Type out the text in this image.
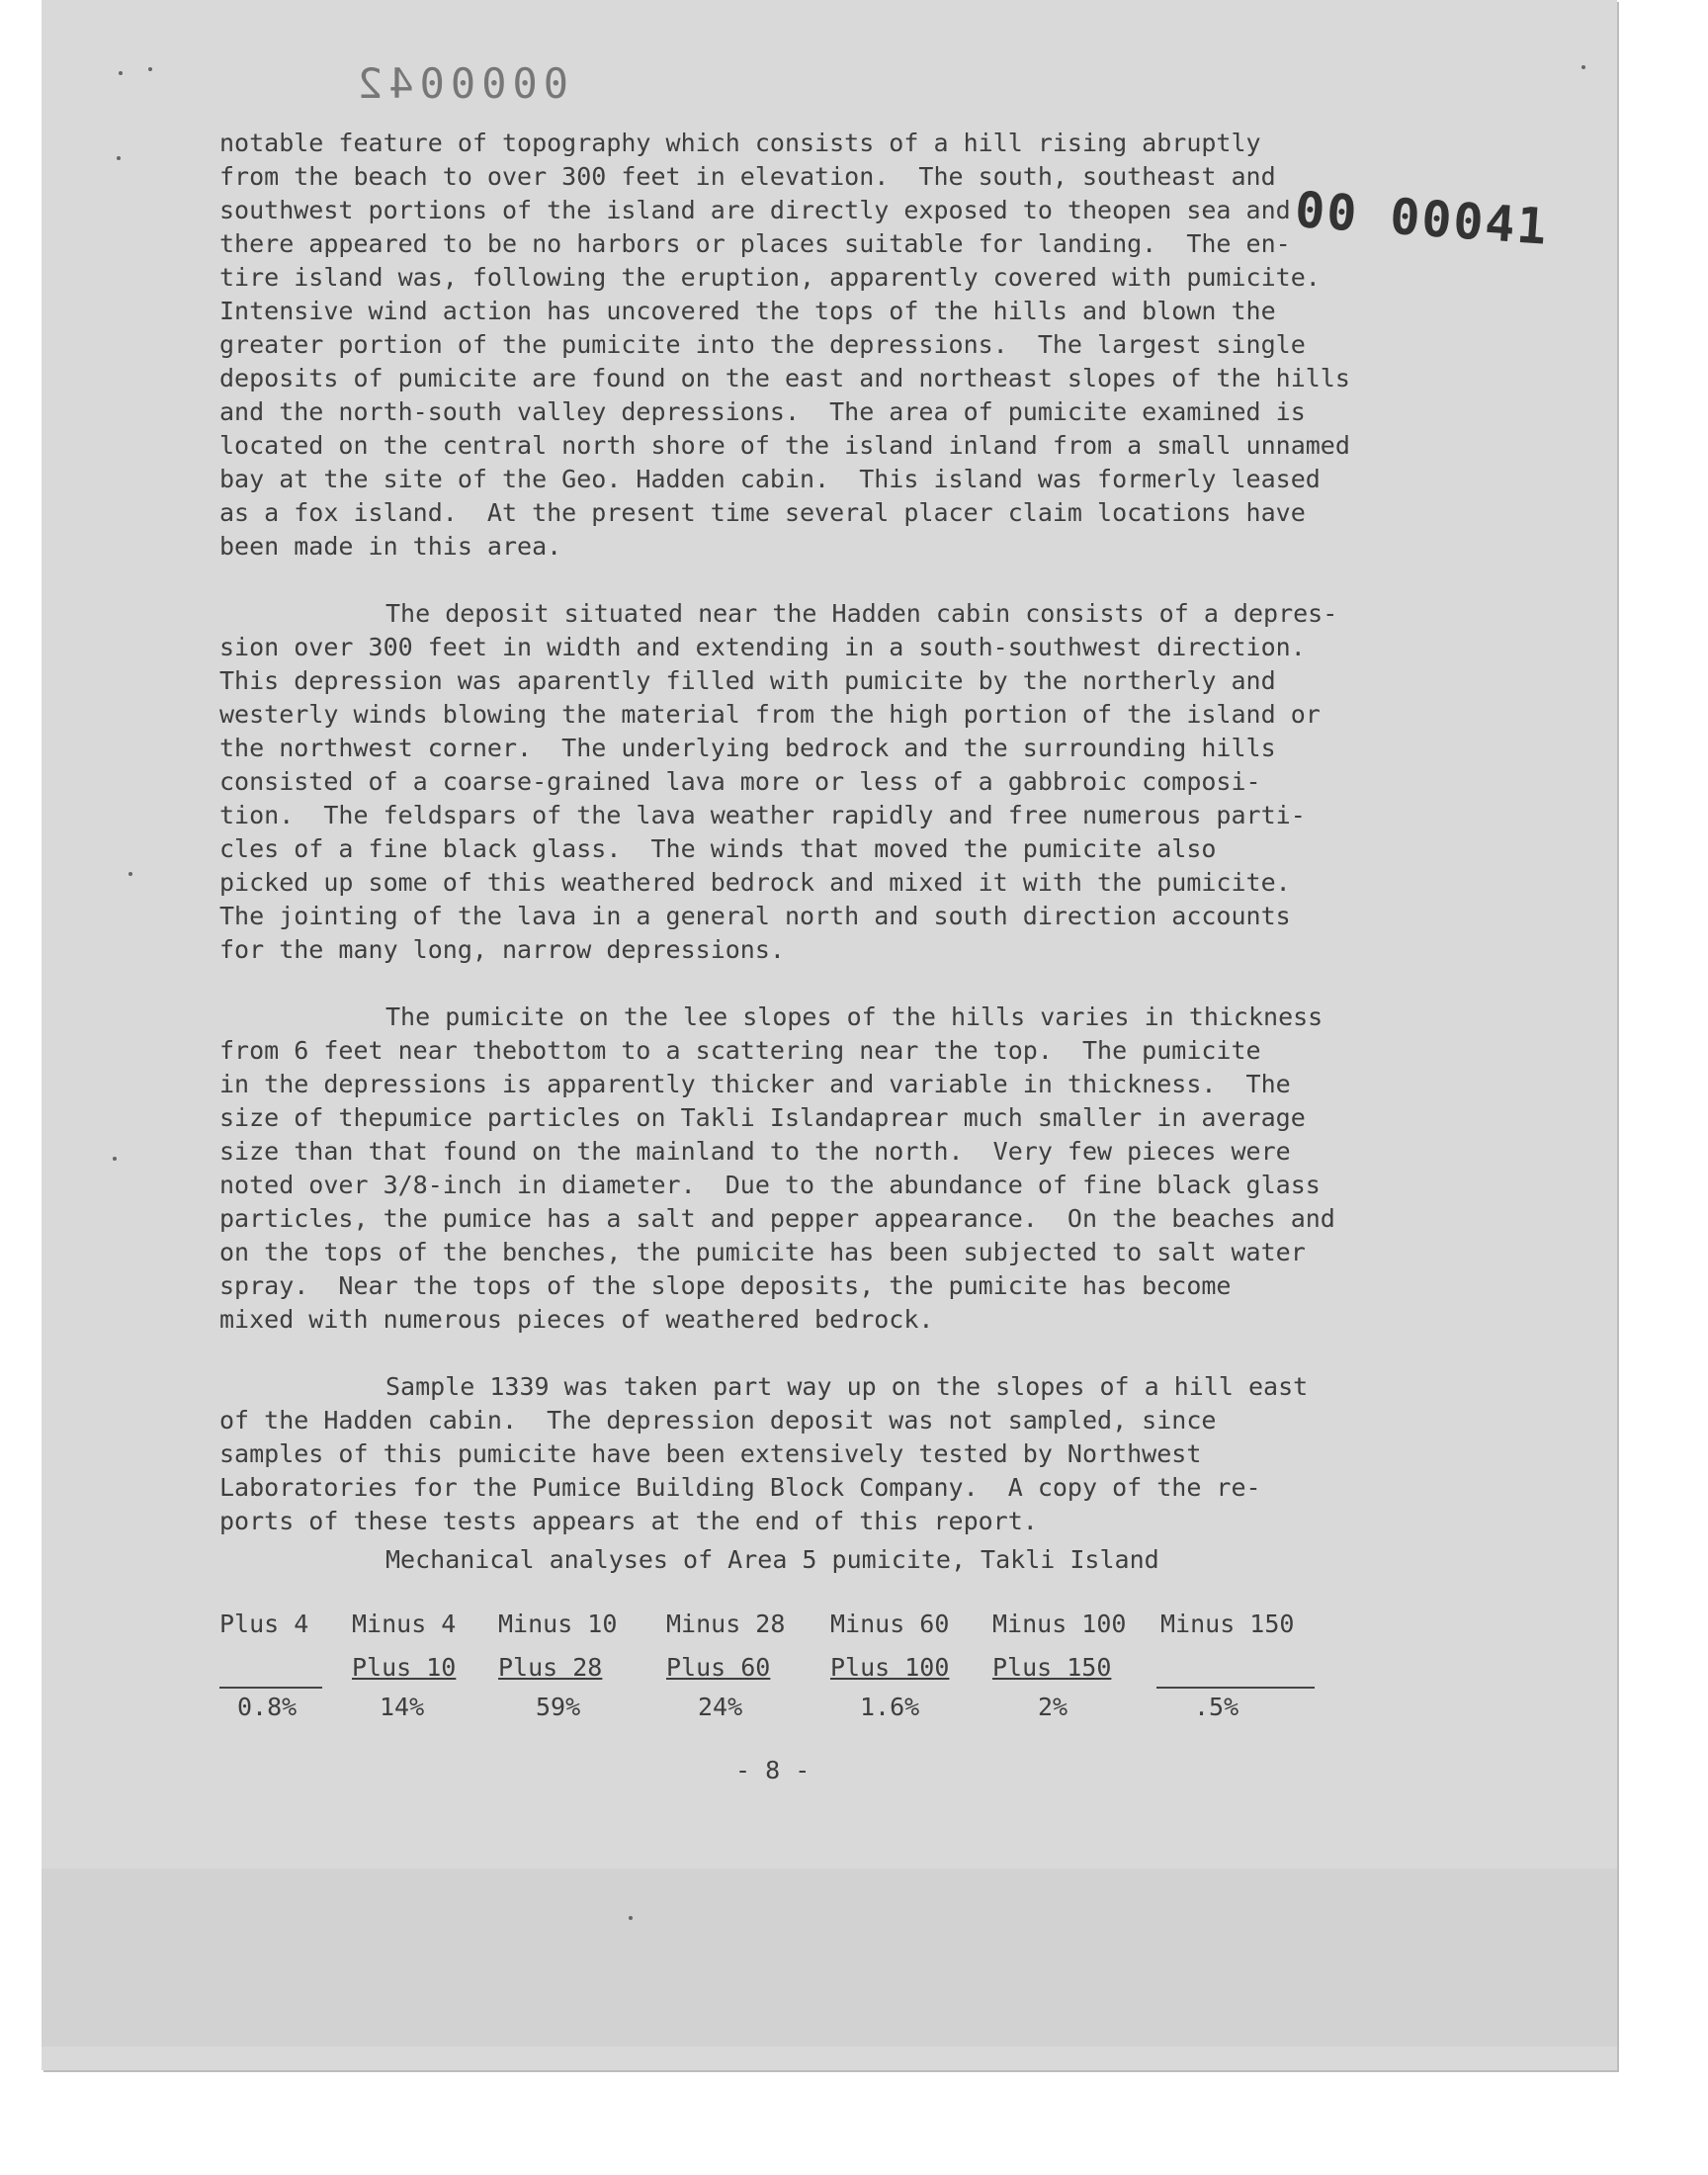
0000042
00 00041
notable feature of topography which consists of a hill rising abruptly
from the beach to over 300 feet in elevation.  The south, southeast and
southwest portions of the island are directly exposed to theopen sea and
there appeared to be no harbors or places suitable for landing.  The en-
tire island was, following the eruption, apparently covered with pumicite.
Intensive wind action has uncovered the tops of the hills and blown the
greater portion of the pumicite into the depressions.  The largest single
deposits of pumicite are found on the east and northeast slopes of the hills
and the north-south valley depressions.  The area of pumicite examined is
located on the central north shore of the island inland from a small unnamed
bay at the site of the Geo. Hadden cabin.  This island was formerly leased
as a fox island.  At the present time several placer claim locations have
been made in this area.
The deposit situated near the Hadden cabin consists of a depres-
sion over 300 feet in width and extending in a south-southwest direction.
This depression was aparently filled with pumicite by the northerly and
westerly winds blowing the material from the high portion of the island or
the northwest corner.  The underlying bedrock and the surrounding hills
consisted of a coarse-grained lava more or less of a gabbroic composi-
tion.  The feldspars of the lava weather rapidly and free numerous parti-
cles of a fine black glass.  The winds that moved the pumicite also
picked up some of this weathered bedrock and mixed it with the pumicite.
The jointing of the lava in a general north and south direction accounts
for the many long, narrow depressions.
The pumicite on the lee slopes of the hills varies in thickness
from 6 feet near thebottom to a scattering near the top.  The pumicite
in the depressions is apparently thicker and variable in thickness.  The
size of thepumice particles on Takli Islandaprear much smaller in average
size than that found on the mainland to the north.  Very few pieces were
noted over 3/8-inch in diameter.  Due to the abundance of fine black glass
particles, the pumice has a salt and pepper appearance.  On the beaches and
on the tops of the benches, the pumicite has been subjected to salt water
spray.  Near the tops of the slope deposits, the pumicite has become
mixed with numerous pieces of weathered bedrock.
Sample 1339 was taken part way up on the slopes of a hill east
of the Hadden cabin.  The depression deposit was not sampled, since
samples of this pumicite have been extensively tested by Northwest
Laboratories for the Pumice Building Block Company.  A copy of the re-
ports of these tests appears at the end of this report.
Mechanical analyses of Area 5 pumicite, Takli Island
Plus 4
0.8%
Minus 4
Plus 10
14%
Minus 10
Plus 28
59%
Minus 28
Plus 60
24%
Minus 60
Plus 100
1.6%
Minus 100
Plus 150
2%
Minus 150
.5%
- 8 -
